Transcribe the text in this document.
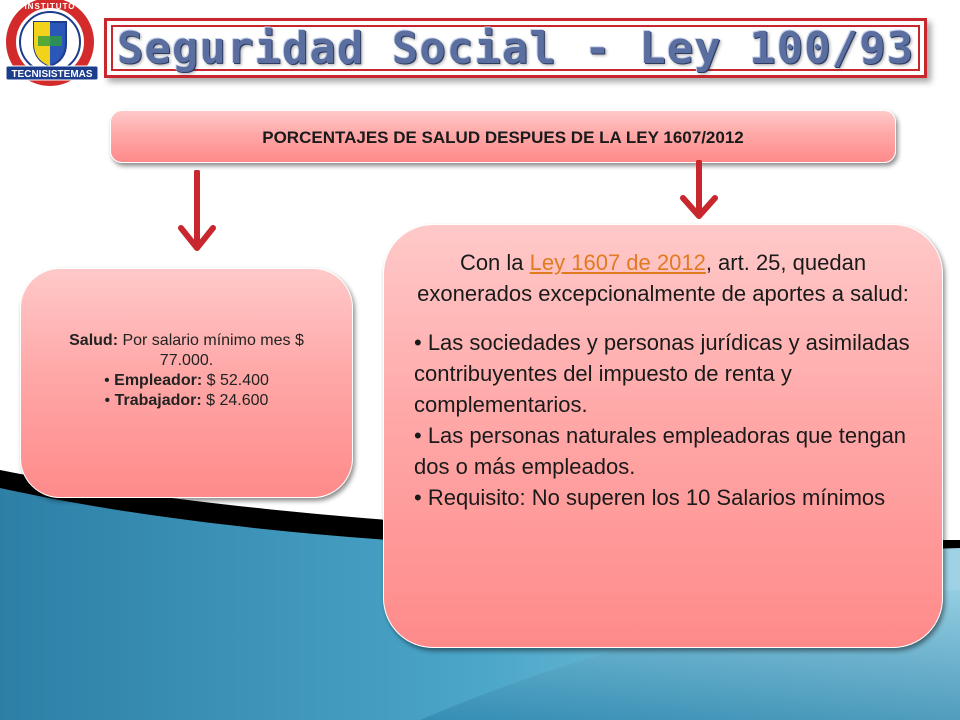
TECNISISTEMAS
INSTITUTO
Seguridad Social - Ley 100/93
PORCENTAJES DE SALUD DESPUES DE LA LEY 1607/2012
Salud: Por salario mínimo mes $ 77.000.
• Empleador: $ 52.400
• Trabajador: $ 24.600
Con la Ley 1607 de 2012, art. 25, quedan exonerados excepcionalmente de aportes a salud:
• Las sociedades y personas jurídicas y asimiladas contribuyentes del impuesto de renta y complementarios.
• Las personas naturales empleadoras que tengan dos o más empleados.
• Requisito: No superen los 10 Salarios mínimos
